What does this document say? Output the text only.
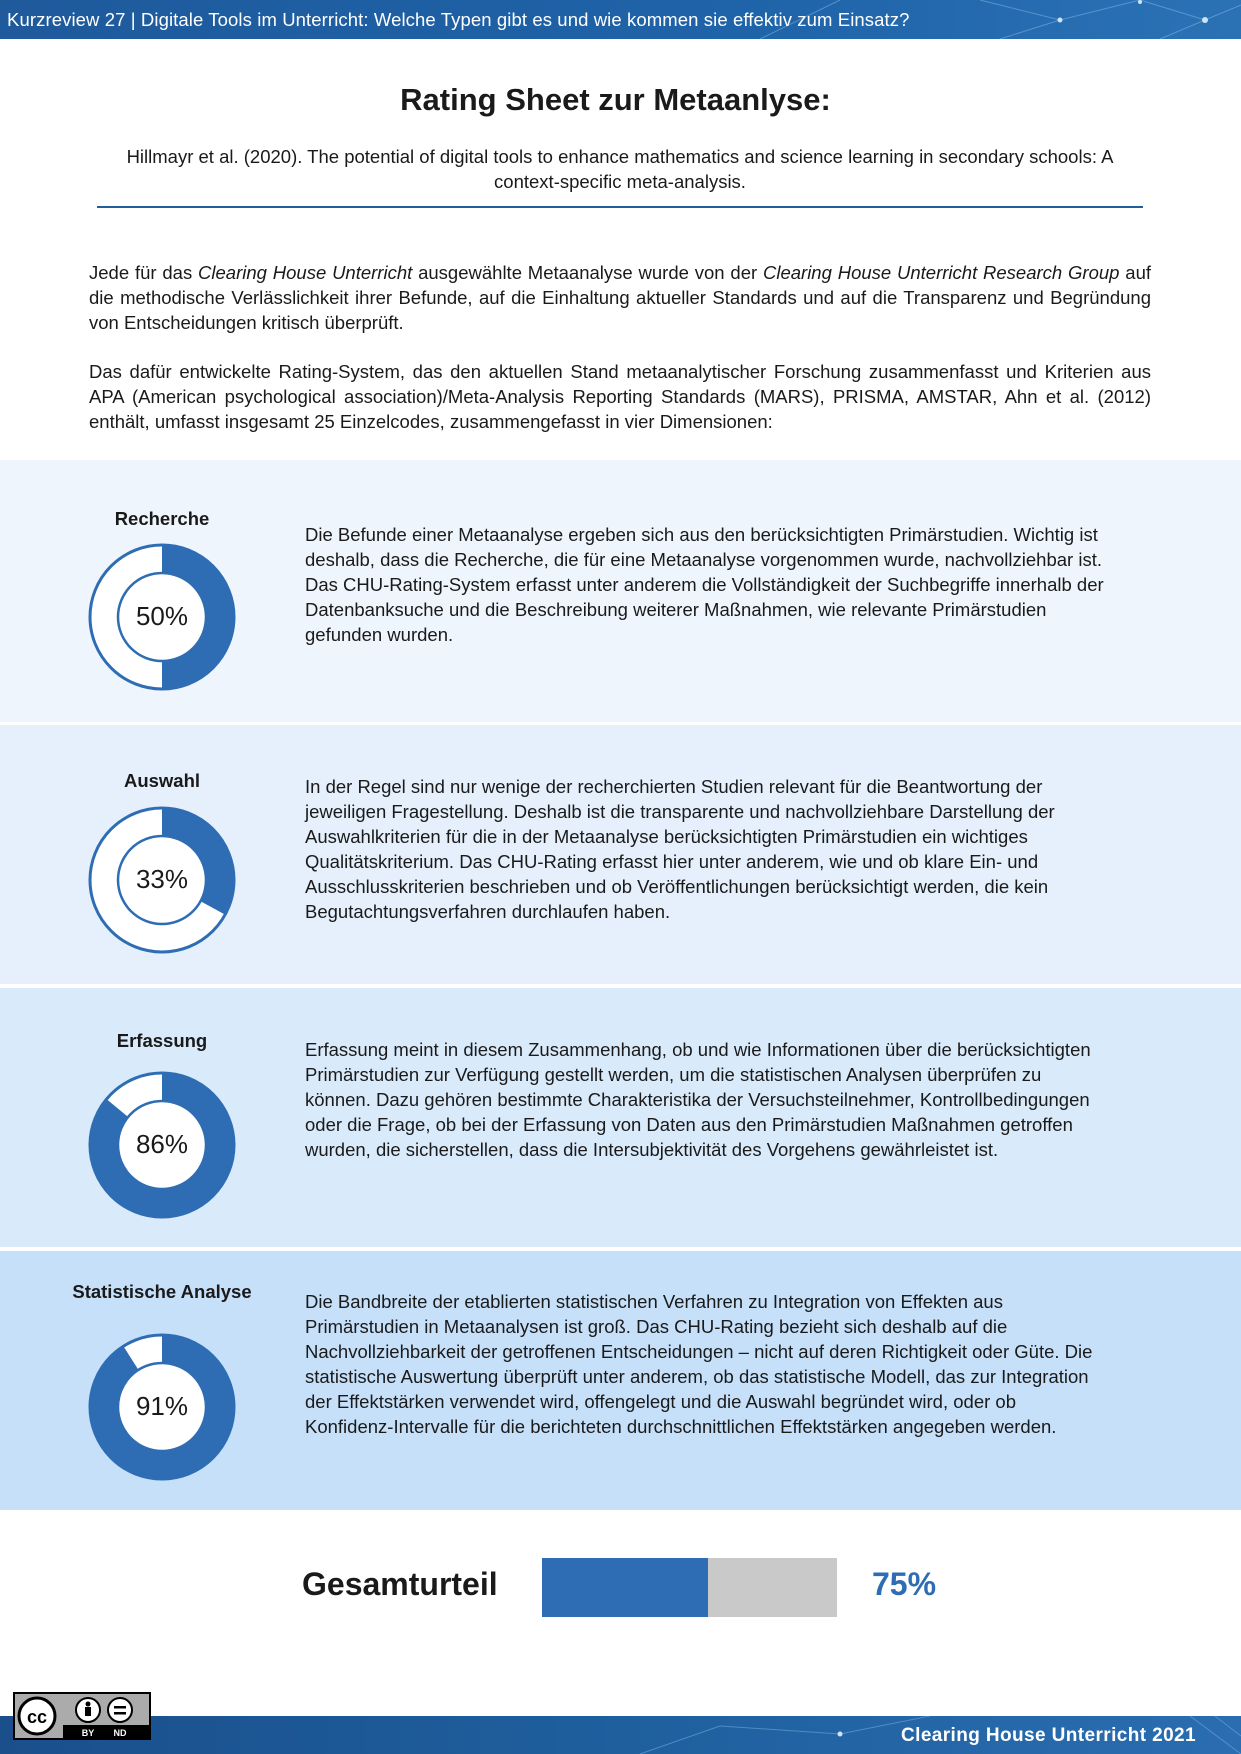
Kurzreview 27 | Digitale Tools im Unterricht: Welche Typen gibt es und wie kommen sie effektiv zum Einsatz?
Rating Sheet zur Metaanlyse:
Hillmayr et al. (2020). The potential of digital tools to enhance mathematics and science learning in secondary schools: A context-specific meta-analysis.
Jede für das Clearing House Unterricht ausgewählte Metaanalyse wurde von der Clearing House Unterricht Research Group auf die methodische Verlässlichkeit ihrer Befunde, auf die Einhaltung aktueller Standards und auf die Transparenz und Begründung von Entscheidungen kritisch überprüft.
Das dafür entwickelte Rating-System, das den aktuellen Stand metaanalytischer Forschung zusammenfasst und Kriterien aus APA (American psychological association)/Meta-Analysis Reporting Standards (MARS), PRISMA, AMSTAR, Ahn et al. (2012) enthält, umfasst insgesamt 25 Einzelcodes, zusammengefasst in vier Dimensionen:
Recherche
50%
Die Befunde einer Metaanalyse ergeben sich aus den berücksichtigten Primärstudien. Wichtig ist deshalb, dass die Recherche, die für eine Metaanalyse vorgenommen wurde, nachvollziehbar ist. Das CHU-Rating-System erfasst unter anderem die Vollständigkeit der Suchbegriffe innerhalb der Datenbanksuche und die Beschreibung weiterer Maßnahmen, wie relevante Primärstudien gefunden wurden.
Auswahl
33%
In der Regel sind nur wenige der recherchierten Studien relevant für die Beantwortung der jeweiligen Fragestellung. Deshalb ist die transparente und nachvollziehbare Darstellung der Auswahlkriterien für die in der Metaanalyse berücksichtigten Primärstudien ein wichtiges Qualitätskriterium. Das CHU-Rating erfasst hier unter anderem, wie und ob klare Ein- und Ausschlusskriterien beschrieben und ob Veröffentlichungen berücksichtigt werden, die kein Begutachtungsverfahren durchlaufen haben.
Erfassung
86%
Erfassung meint in diesem Zusammenhang, ob und wie Informationen über die berücksichtigten Primärstudien zur Verfügung gestellt werden, um die statistischen Analysen überprüfen zu können. Dazu gehören bestimmte Charakteristika der Versuchsteilnehmer, Kontrollbedingungen oder die Frage, ob bei der Erfassung von Daten aus den Primärstudien Maßnahmen getroffen wurden, die sicherstellen, dass die Intersubjektivität des Vorgehens gewährleistet ist.
Statistische Analyse
91%
Die Bandbreite der etablierten statistischen Verfahren zu Integration von Effekten aus Primärstudien in Metaanalysen ist groß. Das CHU-Rating bezieht sich deshalb auf die Nachvollziehbarkeit der getroffenen Entscheidungen – nicht auf deren Richtigkeit oder Güte. Die statistische Auswertung überprüft unter anderem, ob das statistische Modell, das zur Integration der Effektstärken verwendet wird, offengelegt und die Auswahl begründet wird, oder ob Konfidenz-Intervalle für die berichteten durchschnittlichen Effektstärken angegeben werden.
Gesamturteil	75%
Clearing House Unterricht 2021
cc
BY ND
